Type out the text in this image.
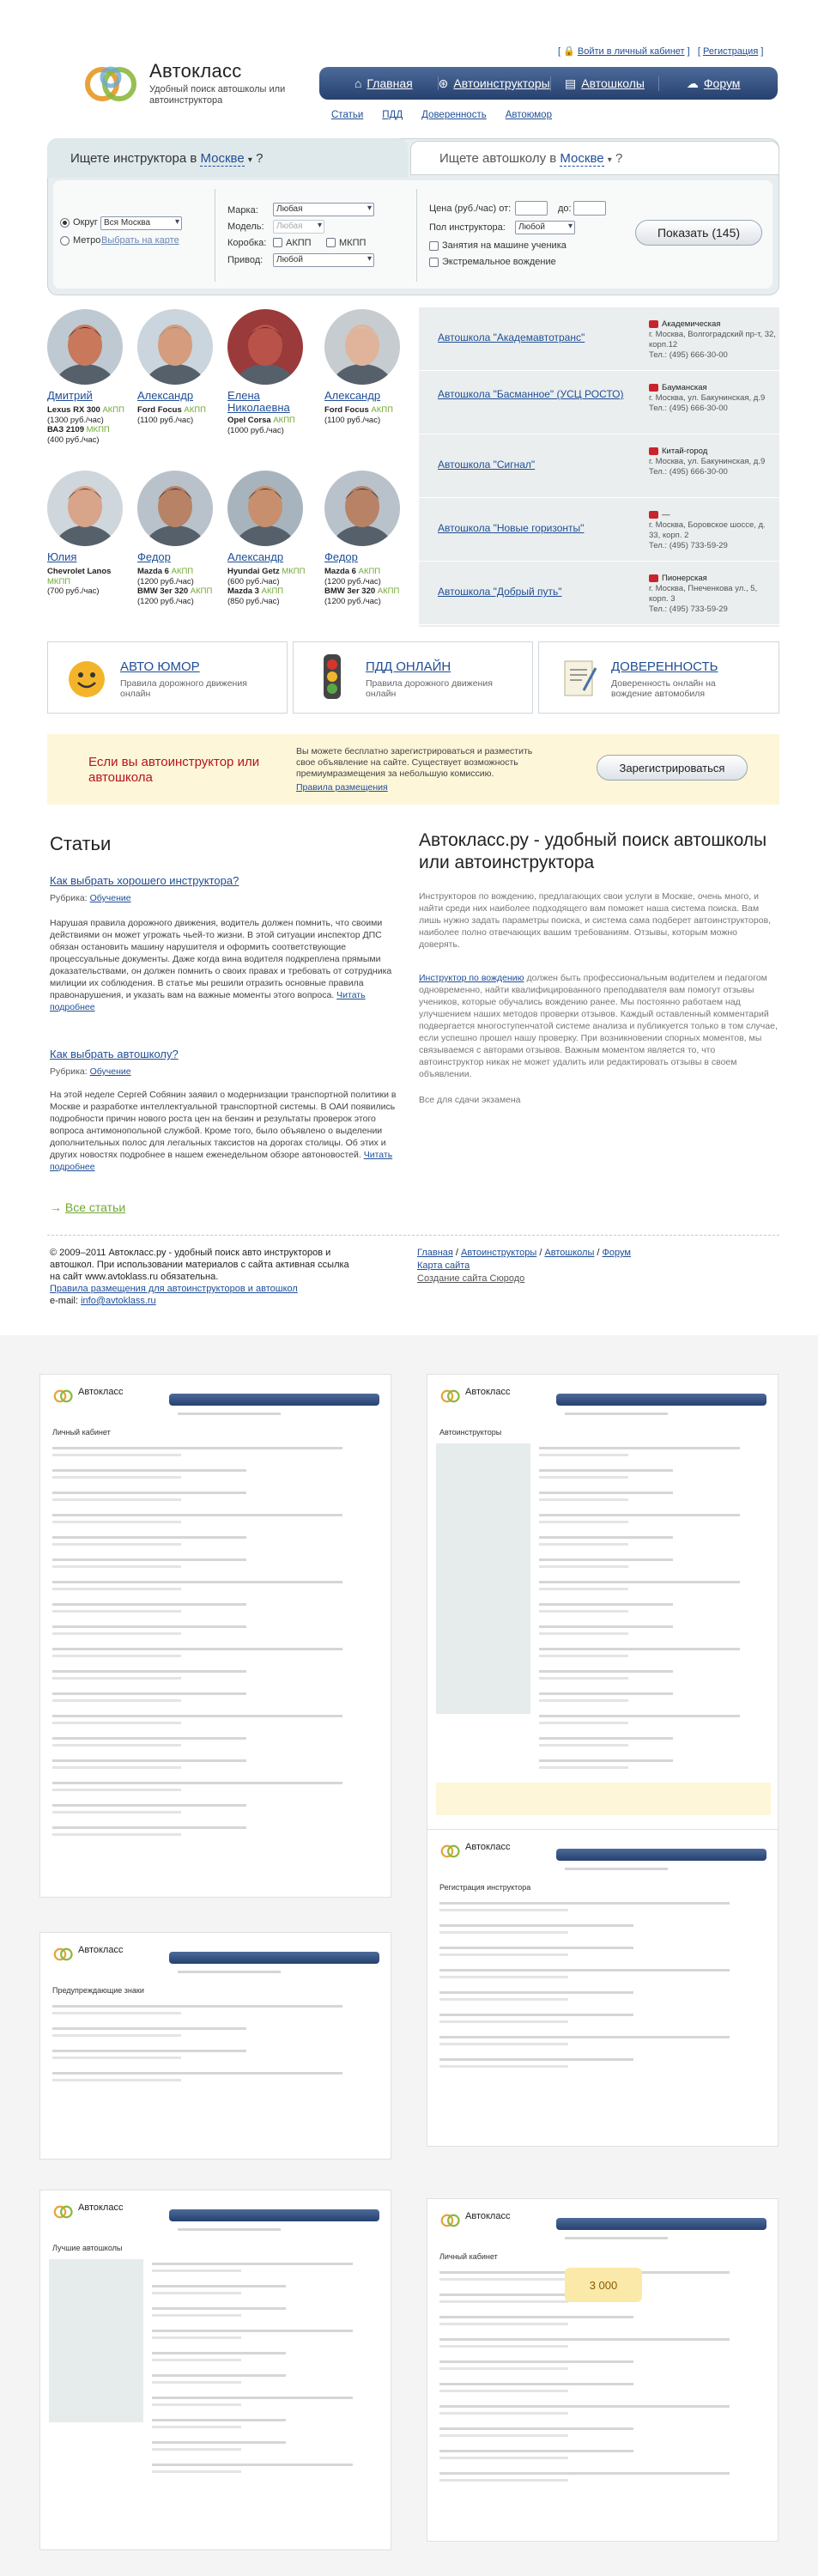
Автокласс
Удобный поиск автошколы или автоинструктора
[ 🔒 Войти в личный кабинет ]   [ Регистрация ]
⌂ Главная ⊛ Автоинструкторы ▤ Автошколы	☁ Форум
Статьи ПДД Доверенность Автоюмор
Ищете инструктора в Москве ▾ ?	Ищете автошколу в Москве ▾ ?
Округ Вся Москва ▾
Метро Выбрать на карте
Марка:	Любая ▾
Модель:	Любая ▾
Коробка: АКПП	МКПП
Привод:	Любой ▾
Цена (руб./час) от:	до:
Пол инструктора:	Любой ▾
Занятия на машине ученика
Экстремальное вождение
Показать (145)
Дмитрий
Lexus RX 300 АКПП
(1300 руб./час)
ВАЗ 2109 МКПП
(400 руб./час)
Александр
Ford Focus АКПП
(1100 руб./час)
Елена Николаевна
Opel Corsa АКПП
(1000 руб./час)
Александр
Ford Focus АКПП
(1100 руб./час)
Юлия
Chevrolet Lanos МКПП
(700 руб./час)
Федор
Mazda 6 АКПП
(1200 руб./час)
BMW 3er 320 АКПП
(1200 руб./час)
Александр
Hyundai Getz МКПП
(600 руб./час)
Mazda 3 АКПП
(850 руб./час)
Федор
Mazda 6 АКПП
(1200 руб./час)
BMW 3er 320 АКПП
(1200 руб./час)
Автошкола "Академавтотранс"
Академическая
г. Москва, Волгоградский пр-т, 32, корп.12
Тел.: (495) 666-30-00
Автошкола "Басманное" (УСЦ РОСТО)
Бауманская
г. Москва, ул. Бакунинская, д.9 Тел.: (495) 666-30-00
Автошкола "Сигнал"
Китай-город
г. Москва, ул. Бакунинская, д.9 Тел.: (495) 666-30-00
Автошкола "Новые горизонты"
—
г. Москва, Боровское шоссе, д. 33, корп. 2
Тел.: (495) 733-59-29
Автошкола "Добрый путь"
Пионерская
г. Москва, Пнеченкова ул., 5, корп. 3
Тел.: (495) 733-59-29
АВТО ЮМОР
Правила дорожного движения онлайн
ПДД ОНЛАЙН
Правила дорожного движения онлайн
ДОВЕРЕННОСТЬ
Доверенность онлайн на вождение автомобиля
Если вы автоинструктор или автошкола
Вы можете бесплатно зарегистрироваться и разместить свое объявление на сайте. Существует возможность премиумразмещения за небольшую комиссию.
Правила размещения
Зарегистрироваться
Статьи
Как выбрать хорошего инструктора?
Рубрика: Обучение
Нарушая правила дорожного движения, водитель должен помнить, что своими действиями он может угрожать чьей-то жизни. В этой ситуации инспектор ДПС обязан остановить машину нарушителя и оформить соответствующие процессуальные документы. Даже когда вина водителя подкреплена прямыми доказательствами, он должен помнить о своих правах и требовать от сотрудника милиции их соблюдения. В статье мы решили отразить основные правила правонарушения, и указать вам на важные моменты этого вопроса. Читать подробнее
Как выбрать автошколу?
Рубрика: Обучение
На этой неделе Сергей Собянин заявил о модернизации транспортной политики в Москве и разработке интеллектуальной транспортной системы. В ОАИ появились подробности причин нового роста цен на бензин и результаты проверок этого вопроса антимонопольной службой. Кроме того, было объявлено о выделении дополнительных полос для легальных таксистов на дорогах столицы. Об этих и других новостях подробнее в нашем еженедельном обзоре автоновостей. Читать подробнее
→ Все статьи
Автокласс.ру - удобный поиск автошколы или автоинструктора
Инструкторов по вождению, предлагающих свои услуги в Москве, очень много, и найти среди них наиболее подходящего вам поможет наша система поиска. Вам лишь нужно задать параметры поиска, и система сама подберет автоинструкторов, наиболее полно отвечающих вашим требованиям. Отзывы, которым можно доверять.
Инструктор по вождению должен быть профессиональным водителем и педагогом одновременно, найти квалифицированного преподавателя вам помогут отзывы учеников, которые обучались вождению ранее. Мы постоянно работаем над улучшением наших методов проверки отзывов. Каждый оставленный комментарий подвергается многоступенчатой системе анализа и публикуется только в том случае, если успешно прошел нашу проверку. При возникновении спорных моментов, мы связываемся с авторами отзывов. Важным моментом является то, что автоинструктор никак не может удалить или редактировать отзывы в своем объявлении.
Все для сдачи экзамена
© 2009–2011 Автокласс.ру - удобный поиск авто инструкторов и автошкол. При использовании материалов с сайта активная ссылка на сайт www.avtoklass.ru обязательна.
Правила размещения для автоинструкторов и автошкол
e-mail: info@avtoklass.ru
Главная / Автоинструкторы / Автошколы / Форум
Карта сайта
Создание сайта Cюродо
Автокласс
Личный кабинет
Автокласс
Автоинструкторы
Автокласс
Регистрация инструктора
Автокласс
Предупреждающие знаки
Автокласс
Лучшие автошколы
Автокласс
Личный кабинет
3 000
